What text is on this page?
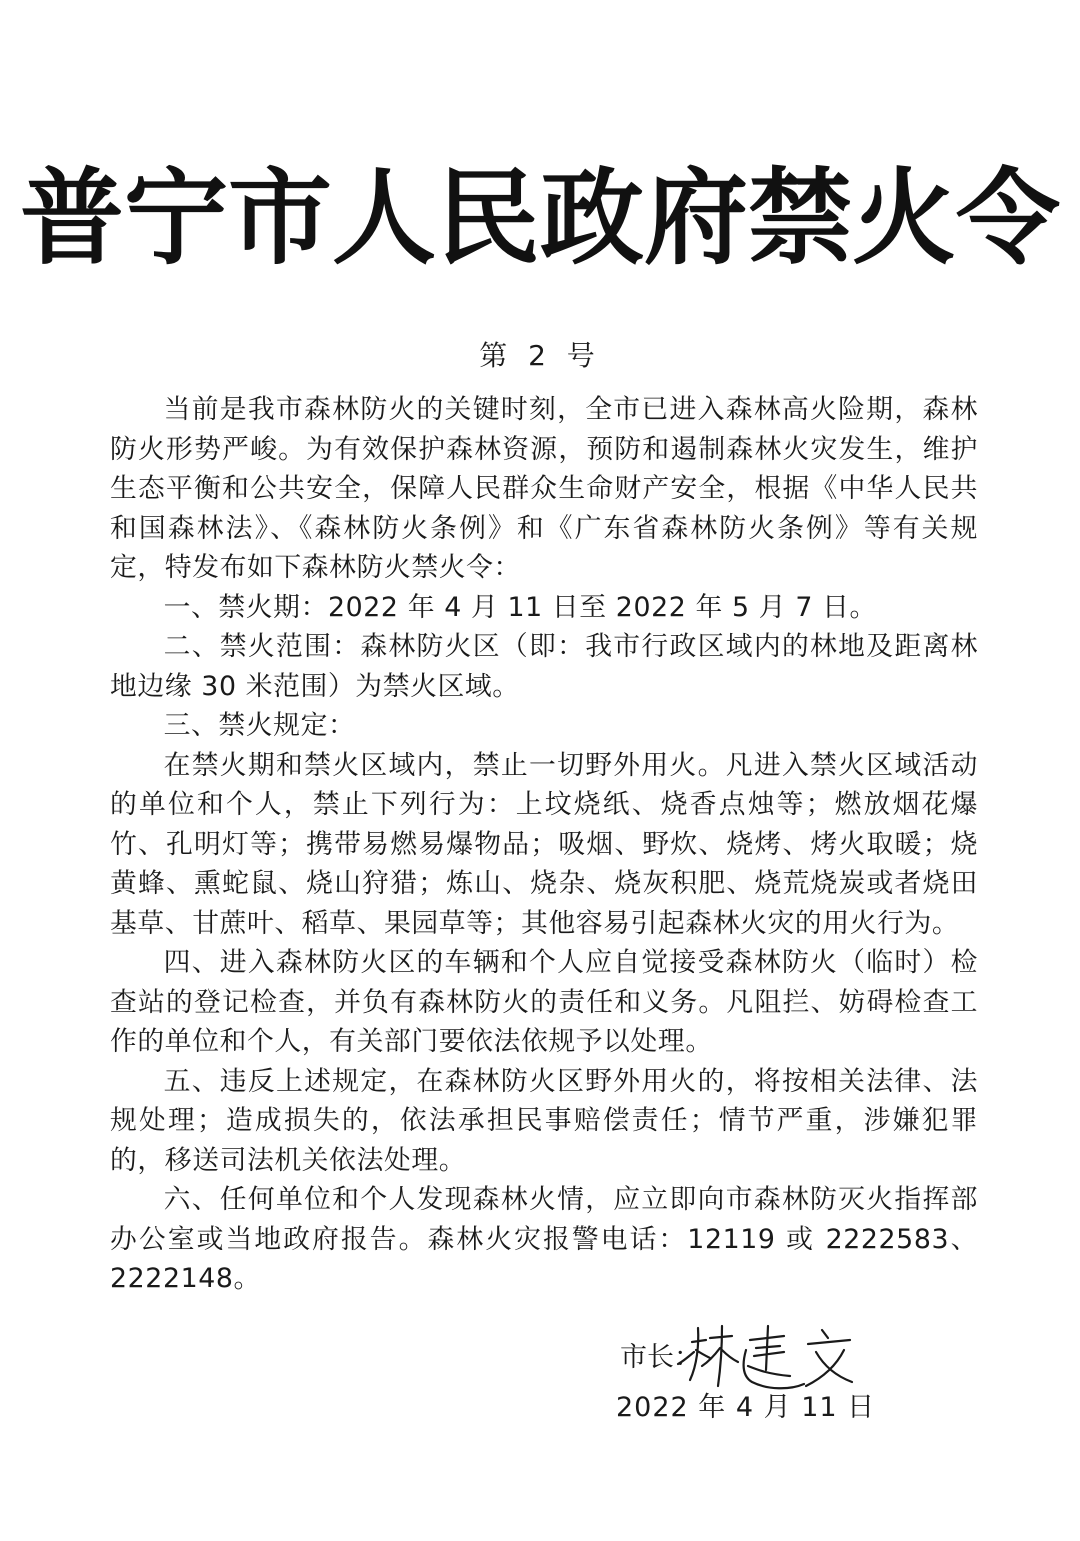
普宁市人民政府禁火令
第 2 号

当前是我市森林防火的关键时刻，全市已进入森林高火险期，森林防火形势严峻。为有效保护森林资源，预防和遏制森林火灾发生，维护生态平衡和公共安全，保障人民群众生命财产安全，根据《中华人民共和国森林法》、《森林防火条例》和《广东省森林防火条例》等有关规定，特发布如下森林防火禁火令：

一、禁火期：2022 年 4 月 11 日至 2022 年 5 月 7 日。

二、禁火范围：森林防火区（即：我市行政区域内的林地及距离林地边缘 30 米范围）为禁火区域。

三、禁火规定：

在禁火期和禁火区域内，禁止一切野外用火。凡进入禁火区域活动的单位和个人，禁止下列行为：上坟烧纸、烧香点烛等；燃放烟花爆竹、孔明灯等；携带易燃易爆物品；吸烟、野炊、烧烤、烤火取暖；烧黄蜂、熏蛇鼠、烧山狩猎；炼山、烧杂、烧灰积肥、烧荒烧炭或者烧田基草、甘蔗叶、稻草、果园草等；其他容易引起森林火灾的用火行为。

四、进入森林防火区的车辆和个人应自觉接受森林防火（临时）检查站的登记检查，并负有森林防火的责任和义务。凡阻拦、妨碍检查工作的单位和个人，有关部门要依法依规予以处理。

五、违反上述规定，在森林防火区野外用火的，将按相关法律、法规处理；造成损失的，依法承担民事赔偿责任；情节严重，涉嫌犯罪的，移送司法机关依法处理。

六、任何单位和个人发现森林火情，应立即向市森林防灭火指挥部办公室或当地政府报告。森林火灾报警电话：12119 或 2222583、2222148。

市长：
2022 年 4 月 11 日
